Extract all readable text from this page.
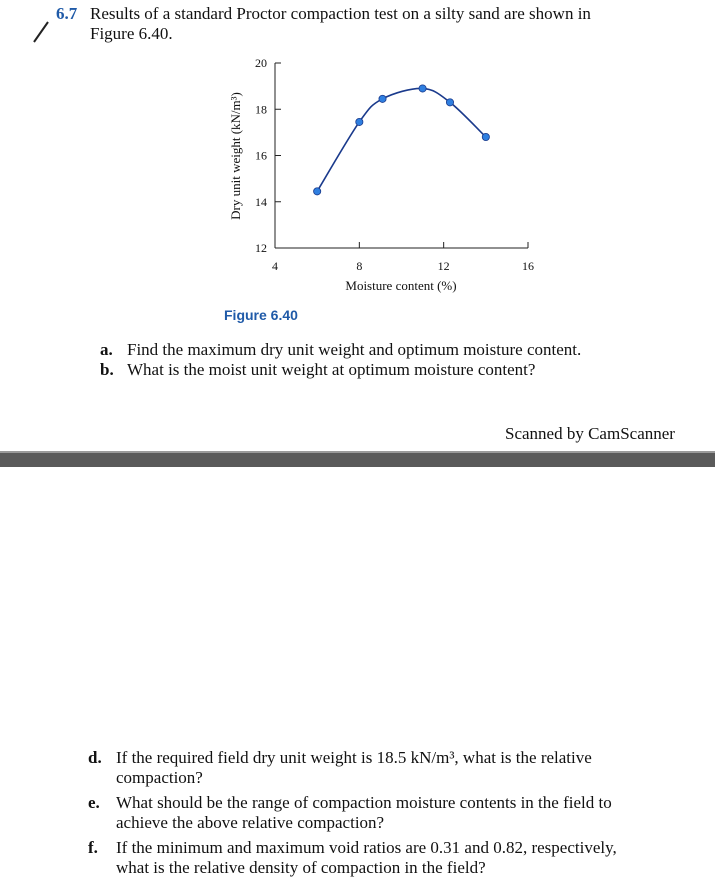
6.7 Results of a standard Proctor compaction test on a silty sand are shown in
Figure 6.40.
4	8	12	16
12
14
16
18
20
Moisture content (%)
Dry unit weight (kN/m³)
Figure 6.40
a. Find the maximum dry unit weight and optimum moisture content.
b. What is the moist unit weight at optimum moisture content?
Scanned by CamScanner
d. If the required field dry unit weight is 18.5 kN/m³, what is the relative
compaction?
e. What should be the range of compaction moisture contents in the field to
achieve the above relative compaction?
f. If the minimum and maximum void ratios are 0.31 and 0.82, respectively,
what is the relative density of compaction in the field?
